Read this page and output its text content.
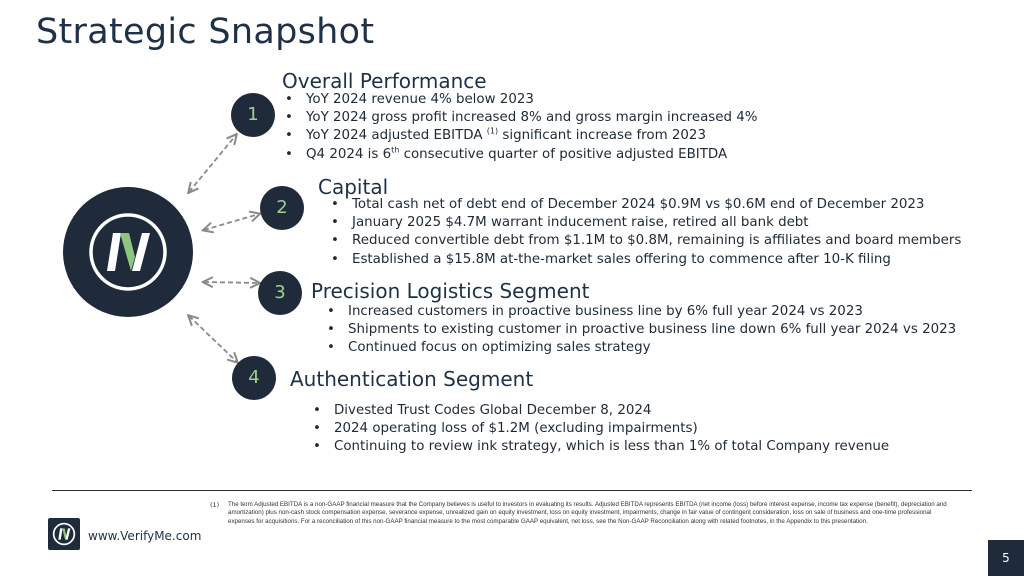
Strategic Snapshot
1
2
3
4
Overall Performance
• YoY 2024 revenue 4% below 2023
• YoY 2024 gross profit increased 8% and gross margin increased 4%
• YoY 2024 adjusted EBITDA $^{(1)}$ significant increase from 2023
• Q4 2024 is 6th consecutive quarter of positive adjusted EBITDA
Capital
• Total cash net of debt end of December 2024 $0.9M vs $0.6M end of December 2023
• January 2025 $4.7M warrant inducement raise, retired all bank debt
• Reduced convertible debt from $1.1M to $0.8M, remaining is affiliates and board members
• Established a $15.8M at-the-market sales offering to commence after 10-K filing
Precision Logistics Segment
• Increased customers in proactive business line by 6% full year 2024 vs 2023
• Shipments to existing customer in proactive business line down 6% full year 2024 vs 2023
• Continued focus on optimizing sales strategy
Authentication Segment
• Divested Trust Codes Global December 8, 2024
• 2024 operating loss of $1.2M (excluding impairments)
• Continuing to review ink strategy, which is less than 1% of total Company revenue
(1) The term Adjusted EBITDA is a non-GAAP financial measure that the Company believes is useful to investors in evaluating its results. Adjusted EBITDA represents EBITDA (net income (loss) before interest expense, income tax expense (benefit), depreciation and amortization) plus non-cash stock compensation expense, severance expense, unrealized gain on equity investment, loss on equity investment, impairments, change in fair value of contingent consideration, loss on sale of business and one-time professional expenses for acquisitions. For a reconciliation of this non-GAAP financial measure to the most comparable GAAP equivalent, net loss, see the Non-GAAP Reconciliation along with related footnotes, in the Appendix to this presentation.
www.VerifyMe.com
5
